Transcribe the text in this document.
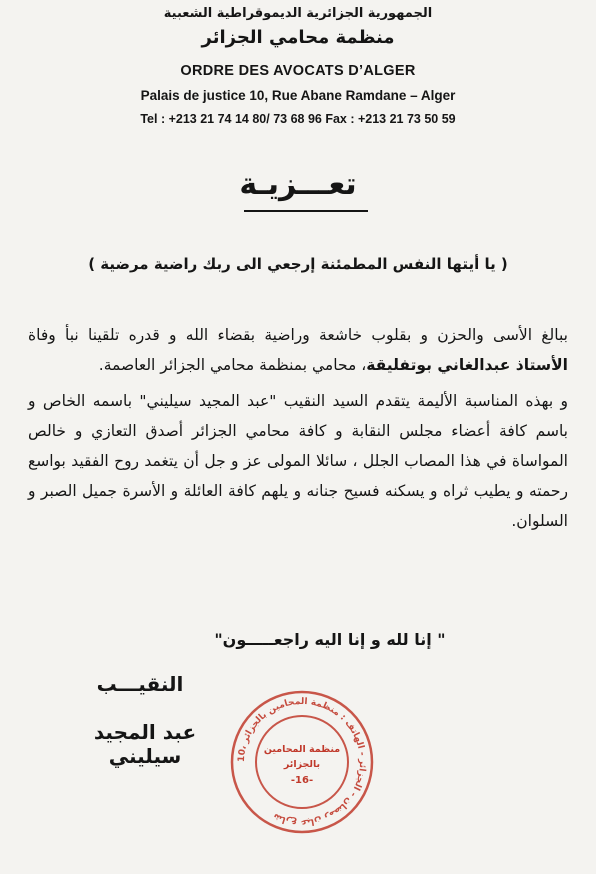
الجمهورية الجزائرية الديموقراطية الشعبية
منظمة محامي الجزائر
ORDRE DES AVOCATS D’ALGER
Palais de justice 10, Rue Abane Ramdane – Alger
Tel : +213 21 74 14 80/ 73 68 96 Fax : +213 21 73 50 59
تعـــزيـة
( يا أيتها النفس المطمئنة إرجعي الى ربك راضية مرضية )

ببالغ الأسى والحزن و بقلوب خاشعة وراضية بقضاء الله و قدره تلقينا نبأ وفاة الأستاذ عبدالغاني بوتفليقة، محامي بمنظمة محامي الجزائر العاصمة.

و بهذه المناسبة الأليمة يتقدم السيد النقيب "عبد المجيد سيليني" باسمه الخاص و باسم كافة أعضاء مجلس النقابة و كافة محامي الجزائر أصدق التعازي و خالص المواساة في هذا المصاب الجلل ، سائلا المولى عز و جل أن يتغمد روح الفقيد بواسع رحمته و يطيب ثراه و يسكنه فسيح جنانه و يلهم كافة العائلة و الأسرة جميل الصبر و السلوان.

" إنا لله و إنا اليه راجعـــــون"
النقيـــب
عبد المجيد سيليني	10، شارع عبان رمضان - الجزائر - الهاتف : منظمة المحامين بالجزائر
منظمة المحامين
بالجزائر
-16-
